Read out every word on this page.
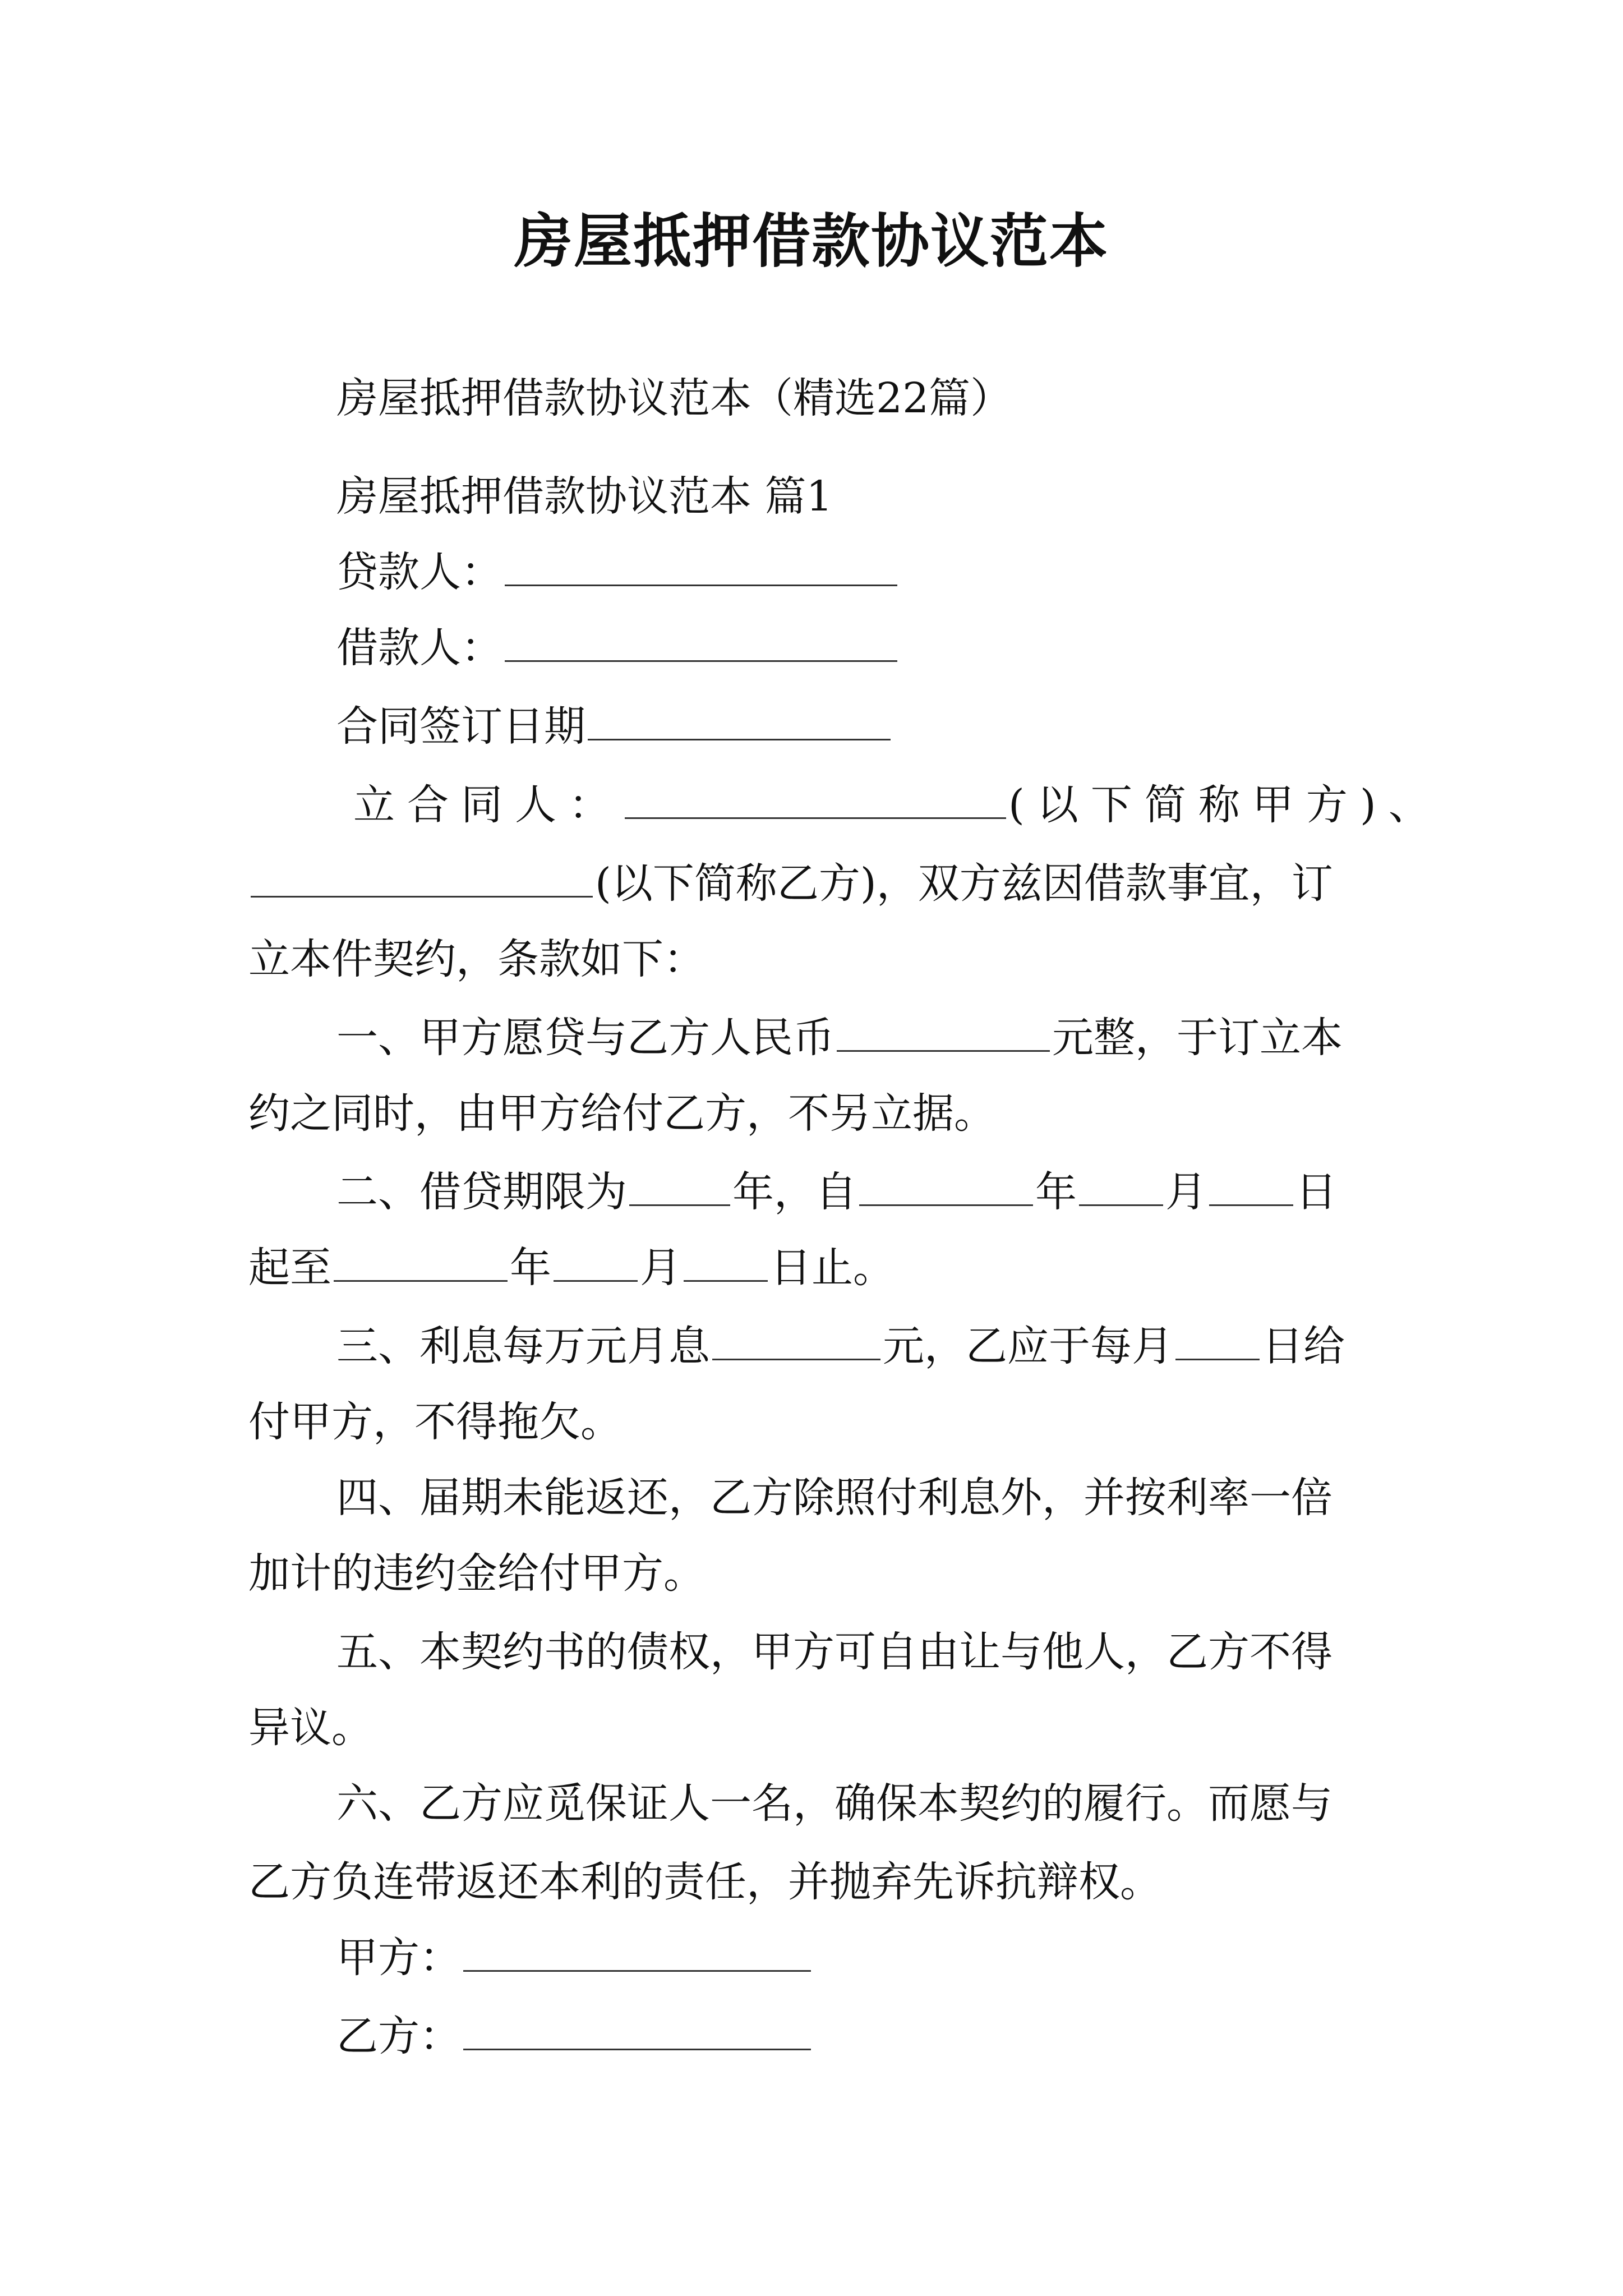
房屋抵押借款协议范本

房屋抵押借款协议范本（精选22篇）

房屋抵押借款协议范本 篇1

贷款人：

借款人：

合同签订日期

立合同人：	(以下简称甲方)、

(以下简称乙方)，双方兹因借款事宜，订

立本件契约，条款如下：

一、甲方愿贷与乙方人民币	元整，于订立本

约之同时，由甲方给付乙方，不另立据。

二、借贷期限为	年，自	年 月 日

起至	年 月 日止。

三、利息每万元月息	元，乙应于每月 日给

付甲方，不得拖欠。

四、届期未能返还，乙方除照付利息外，并按利率一倍

加计的违约金给付甲方。

五、本契约书的债权，甲方可自由让与他人，乙方不得

异议。

六、乙方应觅保证人一名，确保本契约的履行。而愿与

乙方负连带返还本利的责任，并抛弃先诉抗辩权。

甲方：

乙方：
